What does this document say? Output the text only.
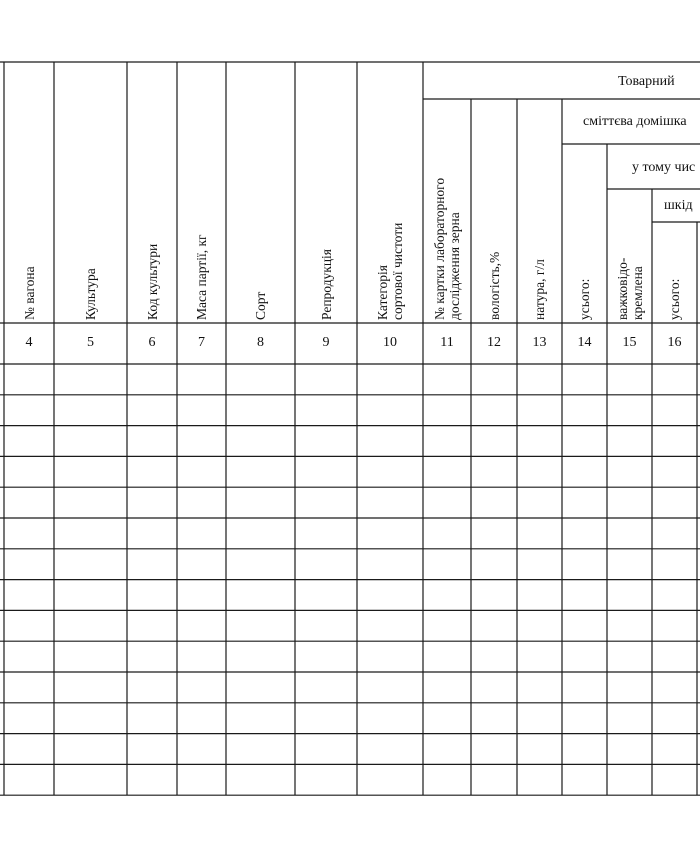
Товарний
сміттєва домішка
у тому чис
шкід
№ вагона
4
Культура
5
Код культури
6
Маса партії, кг
7
Сорт
8
Репродукція
9
Категорія
сортової чистоти
10
№ картки лабораторного
дослідження зерна
11
вологість,%
12
натура, г/л
13
усього:
14
важковідо-
кремлена
15
усього:
16
